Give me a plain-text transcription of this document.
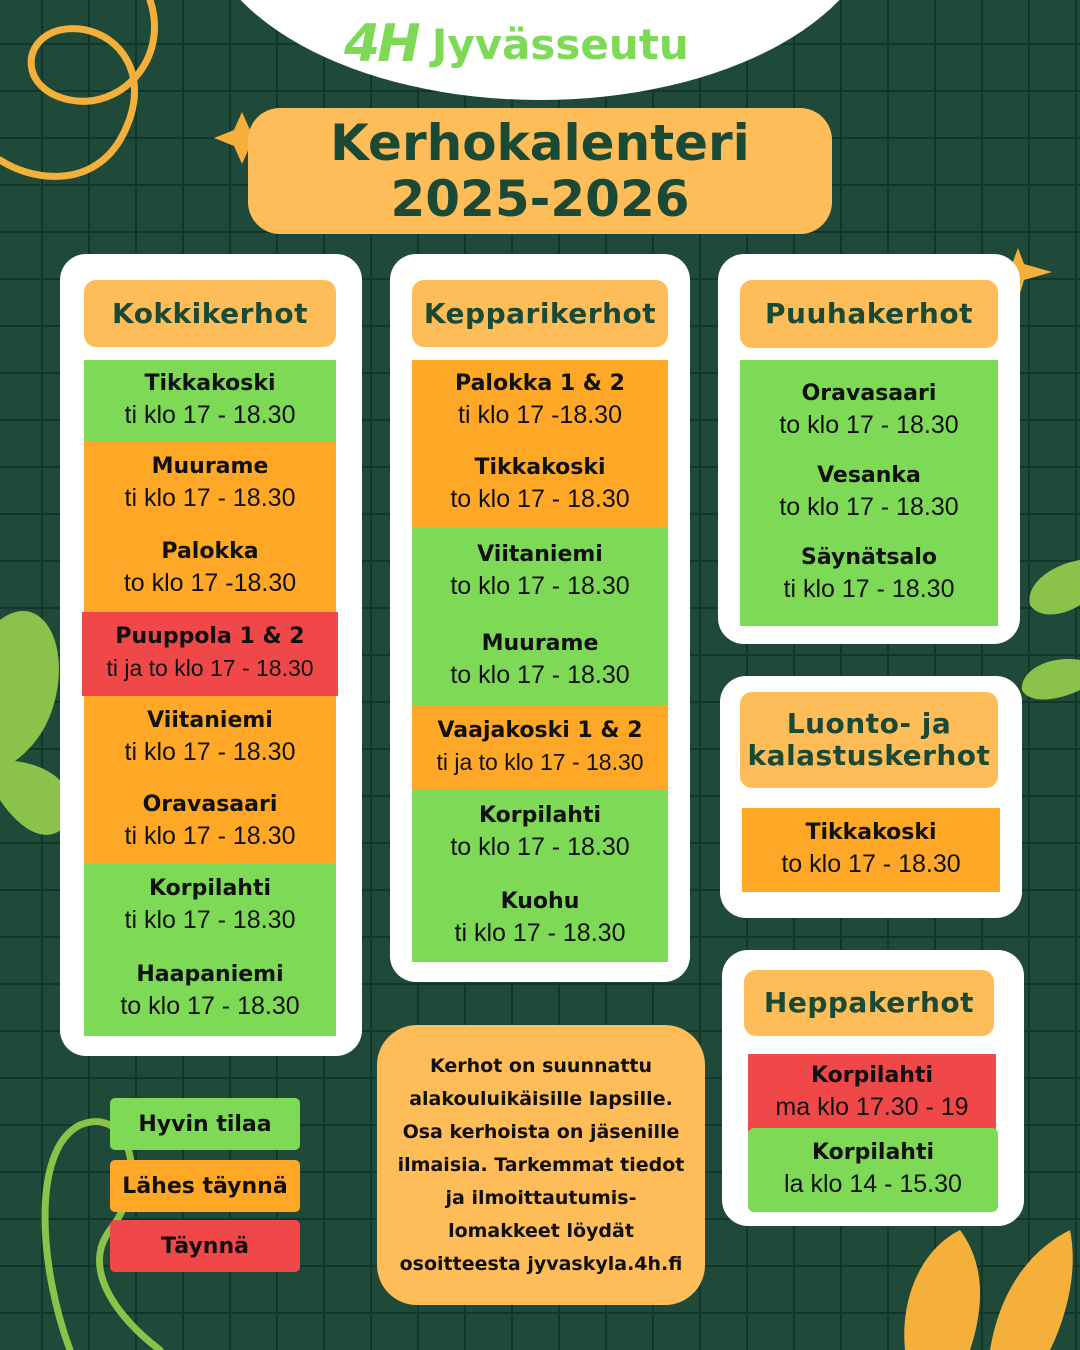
4H Jyvässeutu
Kerhokalenteri
2025-2026
Kokkikerhot
Tikkakoski
ti klo 17 - 18.30
Muurame
ti klo 17 - 18.30
Palokka
to klo 17 -18.30
Puuppola 1 & 2
ti ja to klo 17 - 18.30
Viitaniemi
ti klo 17 - 18.30
Oravasaari
ti klo 17 - 18.30
Korpilahti
ti klo 17 - 18.30
Haapaniemi
to klo 17 - 18.30
Kepparikerhot
Palokka 1 & 2
ti klo 17 -18.30
Tikkakoski
to klo 17 - 18.30
Viitaniemi
to klo 17 - 18.30
Muurame
to klo 17 - 18.30
Vaajakoski 1 & 2
ti ja to klo 17 - 18.30
Korpilahti
to klo 17 - 18.30
Kuohu
ti klo 17 - 18.30
Puuhakerhot
Oravasaari
to klo 17 - 18.30
Vesanka
to klo 17 - 18.30
Säynätsalo
ti klo 17 - 18.30
Luonto- ja
kalastuskerhot
Tikkakoski
to klo 17 - 18.30
Heppakerhot
Korpilahti
ma klo 17.30 - 19
Korpilahti
la klo 14 - 15.30
Hyvin tilaa
Lähes täynnä
Täynnä
Kerhot on suunnattu alakouluikäisille lapsille. Osa kerhoista on jäsenille ilmaisia. Tarkemmat tiedot ja ilmoittautumis-lomakkeet löydät osoitteesta jyvaskyla.4h.fi
